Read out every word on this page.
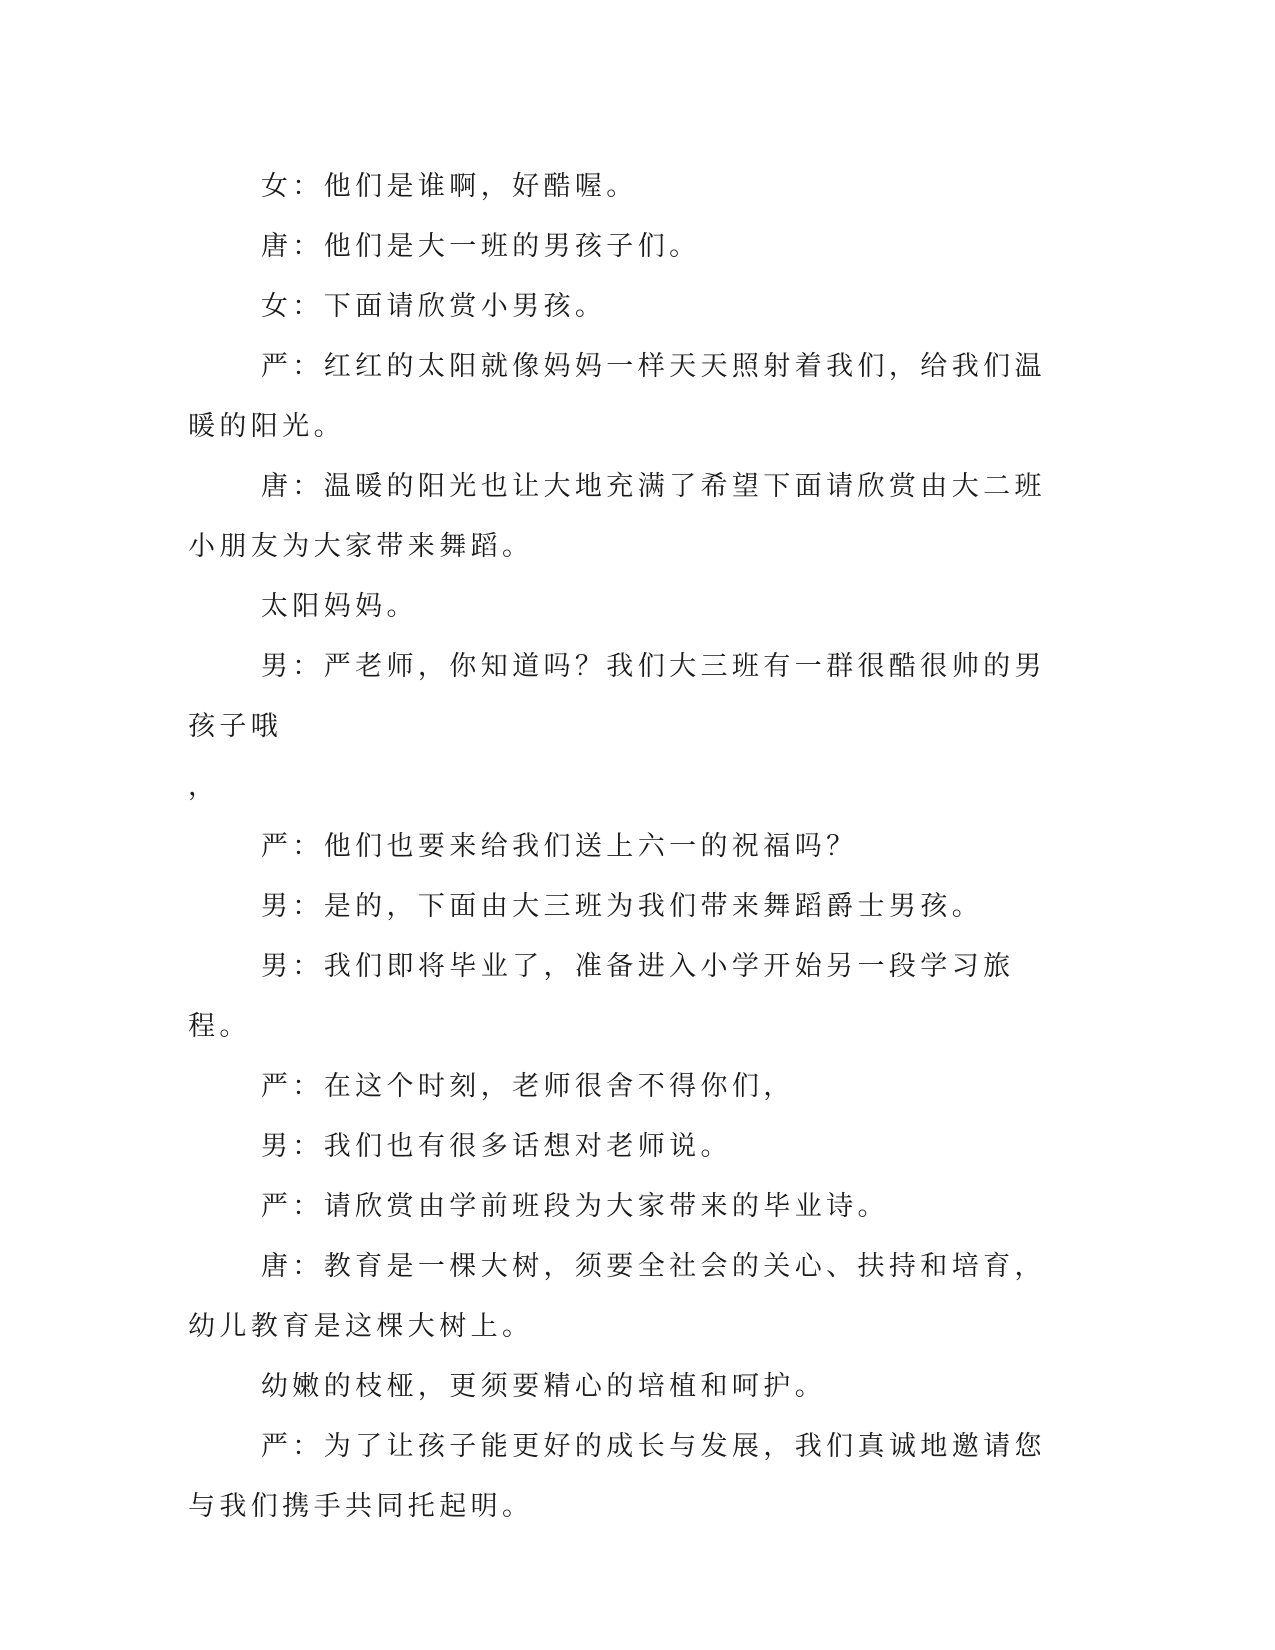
女：他们是谁啊，好酷喔。

唐：他们是大一班的男孩子们。

女：下面请欣赏小男孩。

严：红红的太阳就像妈妈一样天天照射着我们，给我们温暖的阳光。

唐：温暖的阳光也让大地充满了希望下面请欣赏由大二班小朋友为大家带来舞蹈。

太阳妈妈。

男：严老师，你知道吗？我们大三班有一群很酷很帅的男孩子哦

，

严：他们也要来给我们送上六一的祝福吗？

男：是的，下面由大三班为我们带来舞蹈爵士男孩。

男：我们即将毕业了，准备进入小学开始另一段学习旅程。

严：在这个时刻，老师很舍不得你们，

男：我们也有很多话想对老师说。

严：请欣赏由学前班段为大家带来的毕业诗。

唐：教育是一棵大树，须要全社会的关心、扶持和培育，幼儿教育是这棵大树上。

幼嫩的枝桠，更须要精心的培植和呵护。

严：为了让孩子能更好的成长与发展，我们真诚地邀请您与我们携手共同托起明。
